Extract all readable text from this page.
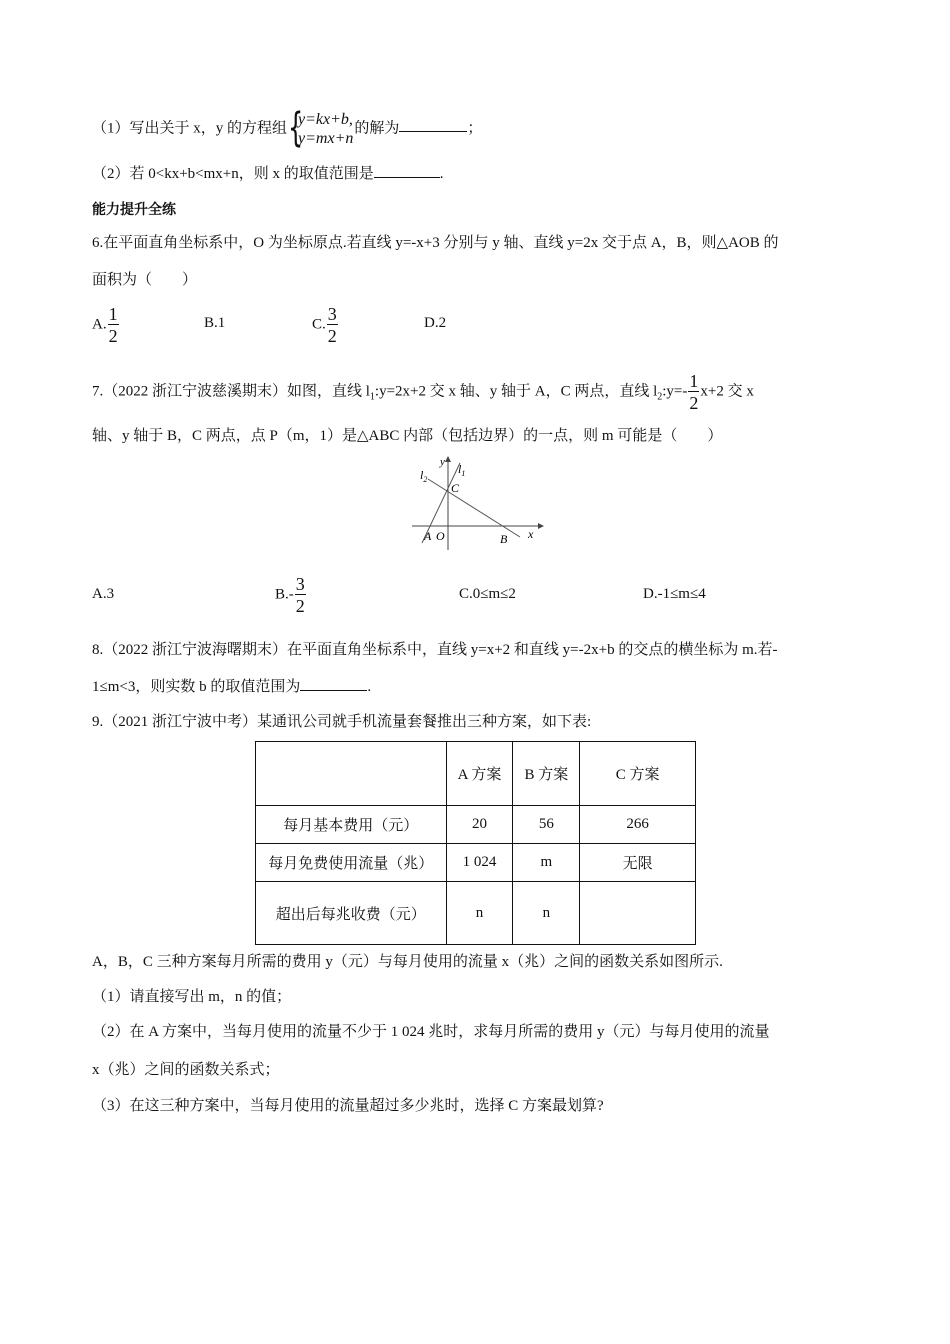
（1）写出关于 x，y 的方程组 {
y=kx+b,
y=mx+n
的解为	；
（2）若 0<kx+b<mx+n，则 x 的取值范围是	.
能力提升全练
6.在平面直角坐标系中，O 为坐标原点.若直线 y=-x+3 分别与 y 轴、直线 y=2x 交于点 A，B，则△AOB 的
面积为（　　）
A. $\frac{1}{2}$	B.1	C. $\frac{3}{2}$	D.2
7.（2022 浙江宁波慈溪期末）如图，直线 $l_1:y=2x+2$ 交 x 轴、y 轴于 A，C 两点，直线 $l_2:y=- \frac{1}{2} x+2$ 交 x
轴、y 轴于 B，C 两点，点 P（m，1）是△ABC 内部（包括边界）的一点，则 m 可能是（　　）
y
x
$l_1$
$l_2$
C
A O	B
A.3	$B.- \frac{3}{2}$	C.0≤m≤2	D.-1≤m≤4
8.（2022 浙江宁波海曙期末）在平面直角坐标系中，直线 y=x+2 和直线 y=-2x+b 的交点的横坐标为 m.若-
1≤m<3，则实数 b 的取值范围为	.
9.（2021 浙江宁波中考）某通讯公司就手机流量套餐推出三种方案，如下表:
	A 方案	B 方案	C 方案
每月基本费用（元）	20	56	266
每月免费使用流量（兆）	1 024	m	无限
超出后每兆收费（元）	n	n	
A，B，C 三种方案每月所需的费用 y（元）与每月使用的流量 x（兆）之间的函数关系如图所示.
（1）请直接写出 m，n 的值；
（2）在 A 方案中，当每月使用的流量不少于 1 024 兆时，求每月所需的费用 y（元）与每月使用的流量
x（兆）之间的函数关系式；
（3）在这三种方案中，当每月使用的流量超过多少兆时，选择 C 方案最划算?
